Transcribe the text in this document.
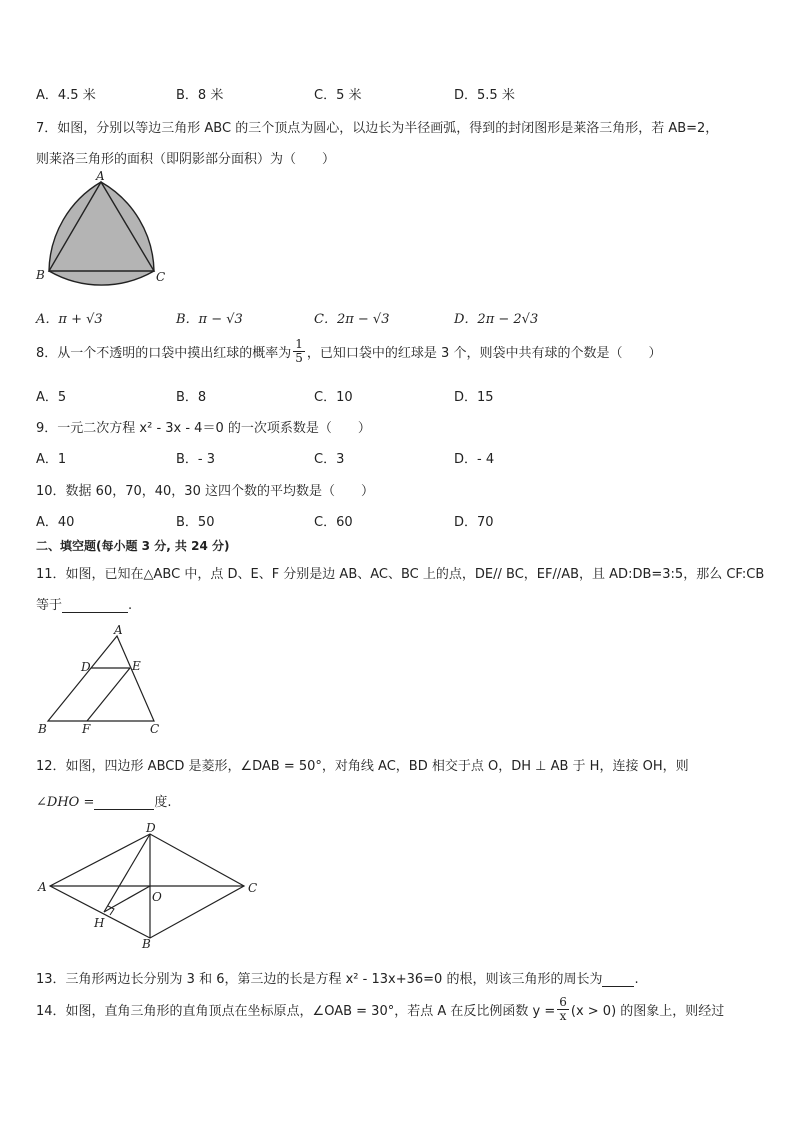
A．4.5 米	B．8 米	C．5 米	D．5.5 米
7．如图，分别以等边三角形 ABC 的三个顶点为圆心，以边长为半径画弧，得到的封闭图形是莱洛三角形，若 AB=2，
则莱洛三角形的面积（即阴影部分面积）为（　　）
A
B	C
A．π + √3	B．π − √3	C．2π − √3	D．2π − 2√3
8．从一个不透明的口袋中摸出红球的概率为 $\frac{1}{5}$ ，已知口袋中的红球是 3 个，则袋中共有球的个数是（　　）
A．5	B．8	C．10	D．15
9．一元二次方程 x² - 3x - 4＝0 的一次项系数是（　　）
A．1	B．- 3	C．3	D．- 4
10．数据 60，70，40，30 这四个数的平均数是（　　）
A．40	B．50	C．60	D．70
二、填空题(每小题 3 分, 共 24 分)
11．如图，已知在△ABC 中，点 D、E、F 分别是边 AB、AC、BC 上的点，DE// BC，EF//AB，且 AD:DB=3:5，那么 CF:CB
等于	.
A
D	E
B	F	C
12．如图，四边形 ABCD 是菱形，∠DAB = 50°，对角线 AC，BD 相交于点 O，DH ⊥ AB 于 H，连接 OH，则
∠DHO =	度.
D
A	C
O
H
B
13．三角形两边长分别为 3 和 6，第三边的长是方程 x² - 13x+36=0 的根，则该三角形的周长为 .
14．如图，直角三角形的直角顶点在坐标原点，∠OAB = 30°，若点 A 在反比例函数 $y = \frac{6}{x} (x > 0)$ 的图象上，则经过
